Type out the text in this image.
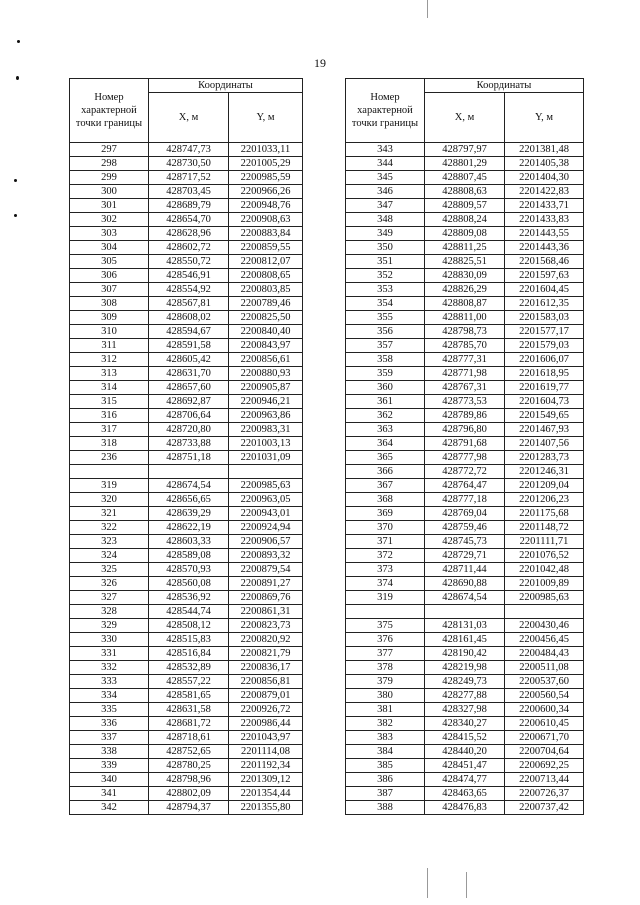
19
Номер характерной точки границы	Координаты	
	X, м	Y, м
297	428747,73	2201033,11
298	428730,50	2201005,29
299	428717,52	2200985,59
300	428703,45	2200966,26
301	428689,79	2200948,76
302	428654,70	2200908,63
303	428628,96	2200883,84
304	428602,72	2200859,55
305	428550,72	2200812,07
306	428546,91	2200808,65
307	428554,92	2200803,85
308	428567,81	2200789,46
309	428608,02	2200825,50
310	428594,67	2200840,40
311	428591,58	2200843,97
312	428605,42	2200856,61
313	428631,70	2200880,93
314	428657,60	2200905,87
315	428692,87	2200946,21
316	428706,64	2200963,86
317	428720,80	2200983,31
318	428733,88	2201003,13
236	428751,18	2201031,09

319	428674,54	2200985,63
320	428656,65	2200963,05
321	428639,29	2200943,01
322	428622,19	2200924,94
323	428603,33	2200906,57
324	428589,08	2200893,32
325	428570,93	2200879,54
326	428560,08	2200891,27
327	428536,92	2200869,76
328	428544,74	2200861,31
329	428508,12	2200823,73
330	428515,83	2200820,92
331	428516,84	2200821,79
332	428532,89	2200836,17
333	428557,22	2200856,81
334	428581,65	2200879,01
335	428631,58	2200926,72
336	428681,72	2200986,44
337	428718,61	2201043,97
338	428752,65	2201114,08
339	428780,25	2201192,34
340	428798,96	2201309,12
341	428802,09	2201354,44
342	428794,37	2201355,80
Номер характерной точки границы	Координаты	
	X, м	Y, м
343	428797,97	2201381,48
344	428801,29	2201405,38
345	428807,45	2201404,30
346	428808,63	2201422,83
347	428809,57	2201433,71
348	428808,24	2201433,83
349	428809,08	2201443,55
350	428811,25	2201443,36
351	428825,51	2201568,46
352	428830,09	2201597,63
353	428826,29	2201604,45
354	428808,87	2201612,35
355	428811,00	2201583,03
356	428798,73	2201577,17
357	428785,70	2201579,03
358	428777,31	2201606,07
359	428771,98	2201618,95
360	428767,31	2201619,77
361	428773,53	2201604,73
362	428789,86	2201549,65
363	428796,80	2201467,93
364	428791,68	2201407,56
365	428777,98	2201283,73
366	428772,72	2201246,31
367	428764,47	2201209,04
368	428777,18	2201206,23
369	428769,04	2201175,68
370	428759,46	2201148,72
371	428745,73	2201111,71
372	428729,71	2201076,52
373	428711,44	2201042,48
374	428690,88	2201009,89
319	428674,54	2200985,63

375	428131,03	2200430,46
376	428161,45	2200456,45
377	428190,42	2200484,43
378	428219,98	2200511,08
379	428249,73	2200537,60
380	428277,88	2200560,54
381	428327,98	2200600,34
382	428340,27	2200610,45
383	428415,52	2200671,70
384	428440,20	2200704,64
385	428451,47	2200692,25
386	428474,77	2200713,44
387	428463,65	2200726,37
388	428476,83	2200737,42
